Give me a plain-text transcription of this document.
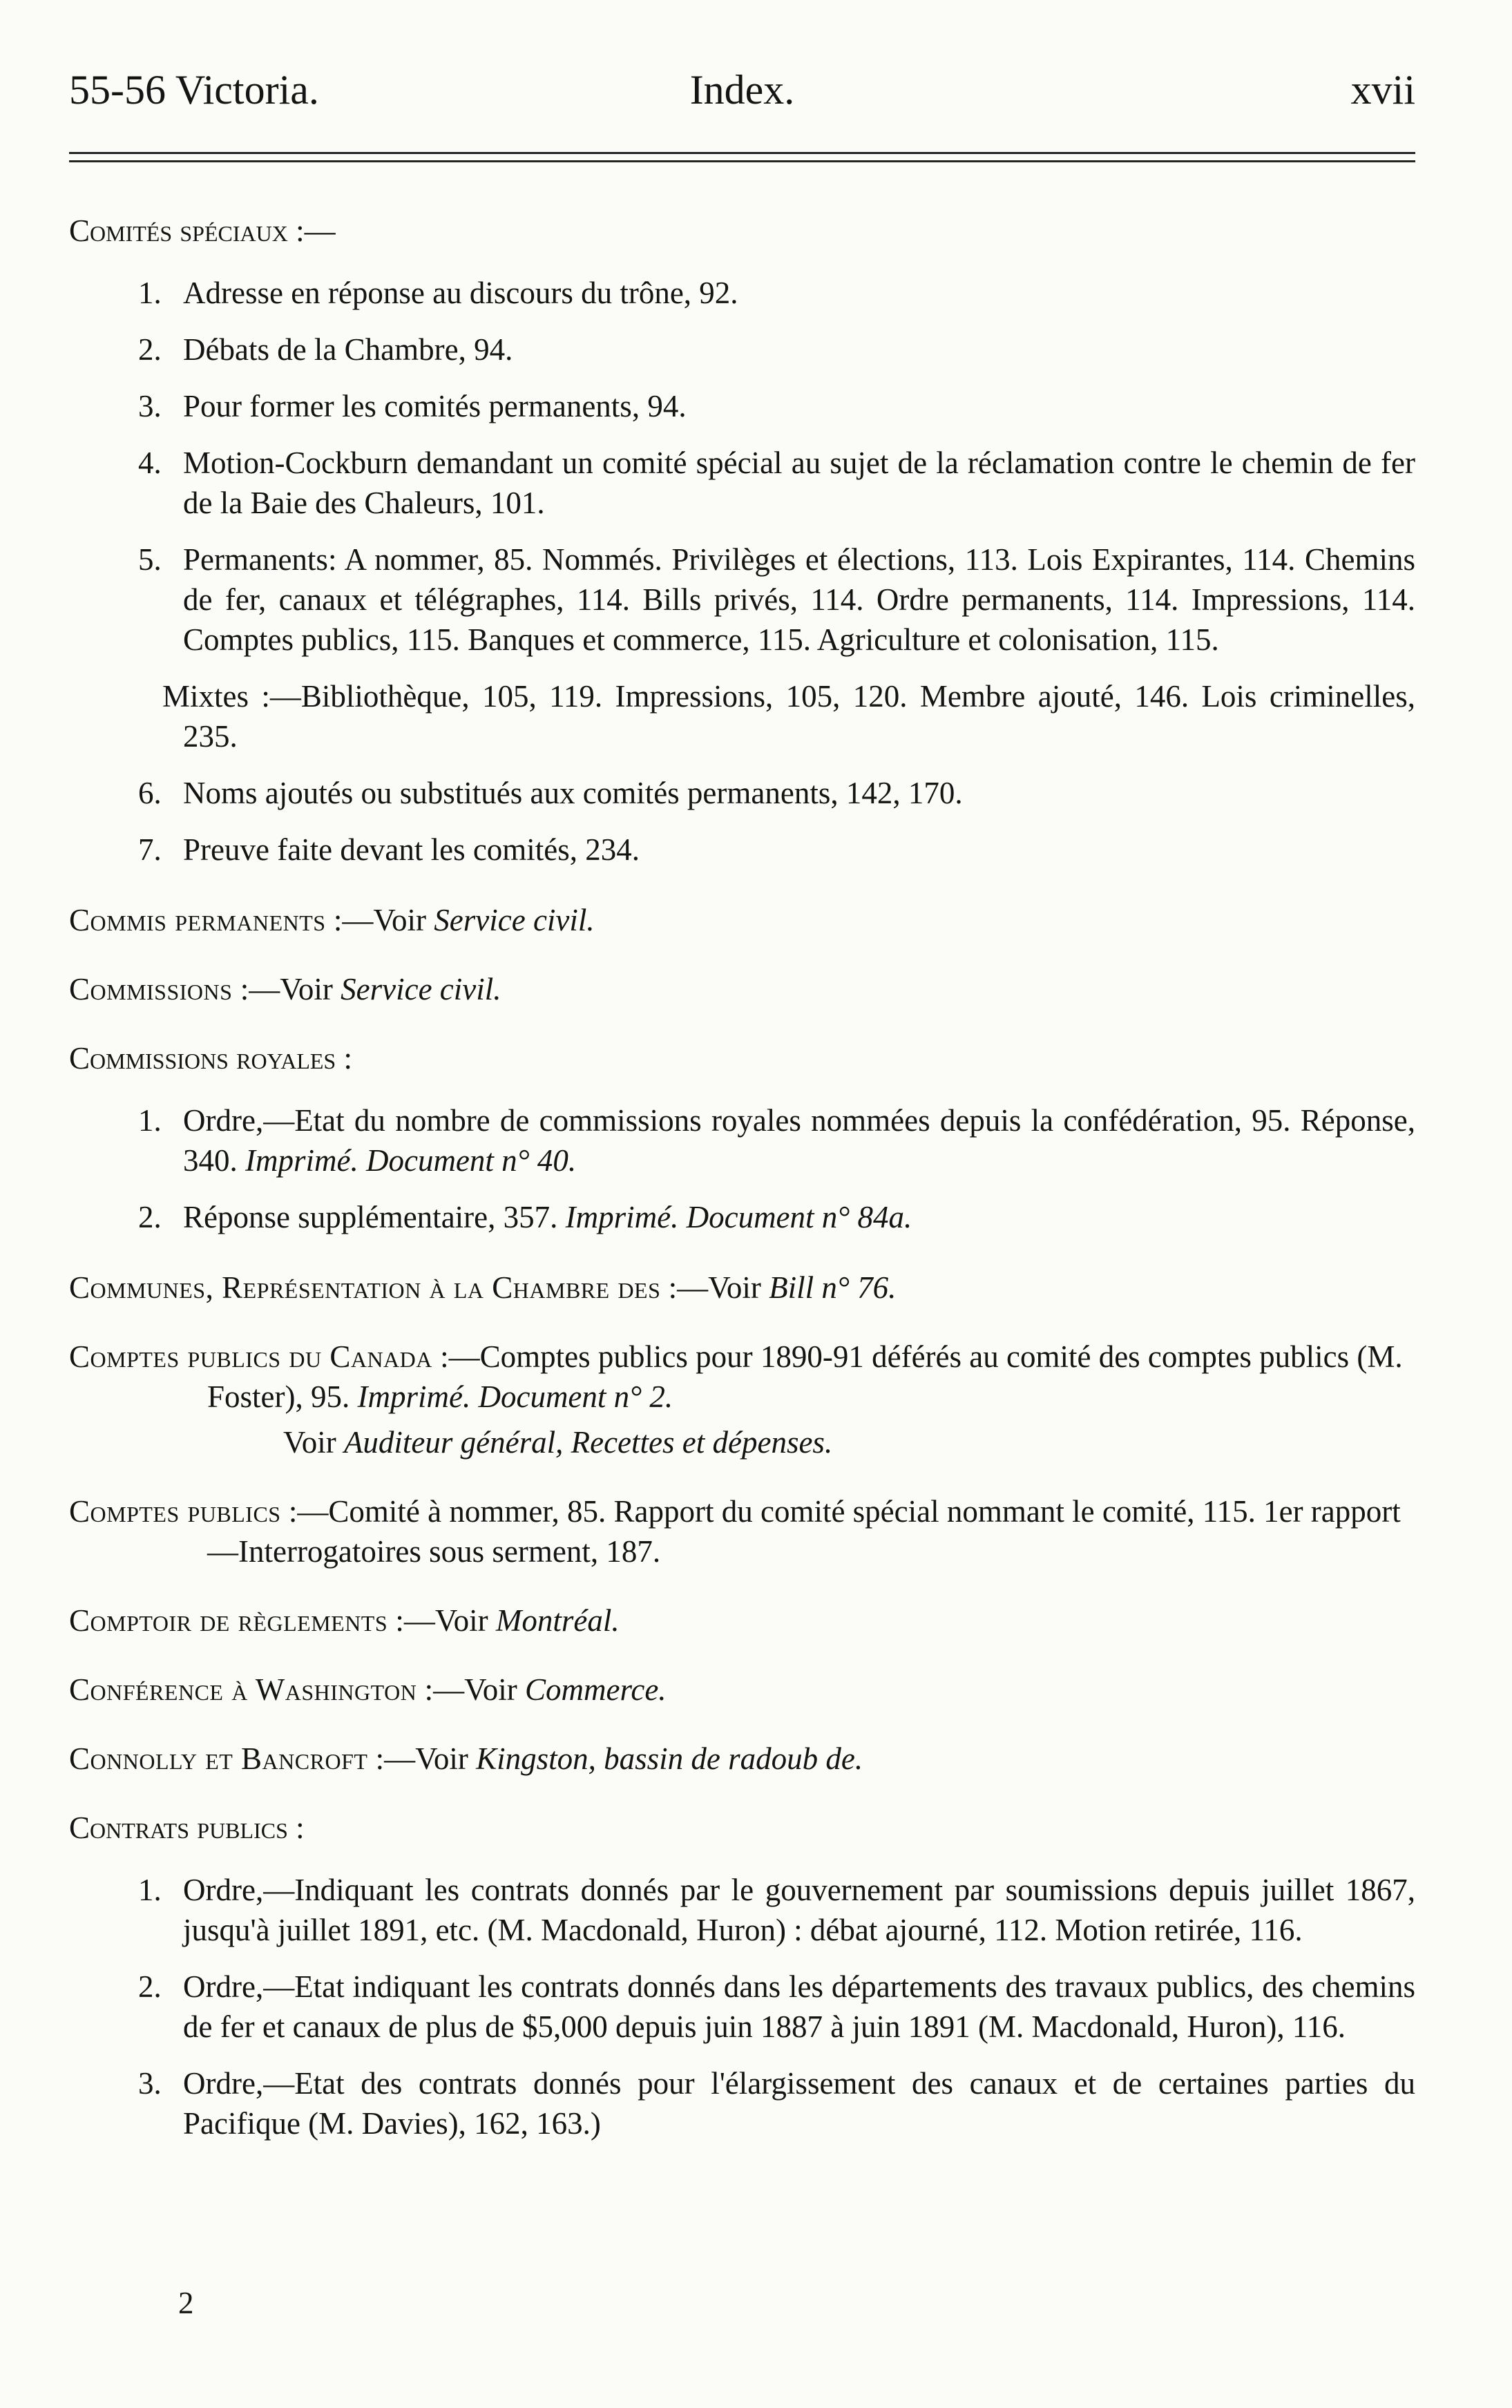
55-56 Victoria.	Index.	xvii
Comités spéciaux :—
1. Adresse en réponse au discours du trône, 92.
2. Débats de la Chambre, 94.
3. Pour former les comités permanents, 94.
4. Motion-Cockburn demandant un comité spécial au sujet de la réclamation contre le chemin de fer de la Baie des Chaleurs, 101.
5. Permanents: A nommer, 85. Nommés. Privilèges et élections, 113. Lois Expirantes, 114. Chemins de fer, canaux et télégraphes, 114. Bills privés, 114. Ordre permanents, 114. Impressions, 114. Comptes publics, 115. Banques et commerce, 115. Agriculture et colonisation, 115.
Mixtes :—Bibliothèque, 105, 119. Impressions, 105, 120. Membre ajouté, 146. Lois criminelles, 235.
6. Noms ajoutés ou substitués aux comités permanents, 142, 170.
7. Preuve faite devant les comités, 234.
Commis permanents :—Voir Service civil.
Commissions :—Voir Service civil.
Commissions royales :
1. Ordre,—Etat du nombre de commissions royales nommées depuis la confédération, 95. Réponse, 340. Imprimé. Document n° 40.
2. Réponse supplémentaire, 357. Imprimé. Document n° 84a.
Communes, Représentation à la Chambre des :—Voir Bill n° 76.
Comptes publics du Canada :—Comptes publics pour 1890-91 déférés au comité des comptes publics (M. Foster), 95. Imprimé. Document n° 2.
Voir Auditeur général, Recettes et dépenses.
Comptes publics :—Comité à nommer, 85. Rapport du comité spécial nommant le comité, 115. 1er rapport—Interrogatoires sous serment, 187.
Comptoir de règlements :—Voir Montréal.
Conférence à Washington :—Voir Commerce.
Connolly et Bancroft :—Voir Kingston, bassin de radoub de.
Contrats publics :
1. Ordre,—Indiquant les contrats donnés par le gouvernement par soumissions depuis juillet 1867, jusqu'à juillet 1891, etc. (M. Macdonald, Huron) : débat ajourné, 112. Motion retirée, 116.
2. Ordre,—Etat indiquant les contrats donnés dans les départements des travaux publics, des chemins de fer et canaux de plus de $5,000 depuis juin 1887 à juin 1891 (M. Macdonald, Huron), 116.
3. Ordre,—Etat des contrats donnés pour l'élargissement des canaux et de certaines parties du Pacifique (M. Davies), 162, 163.)
2
